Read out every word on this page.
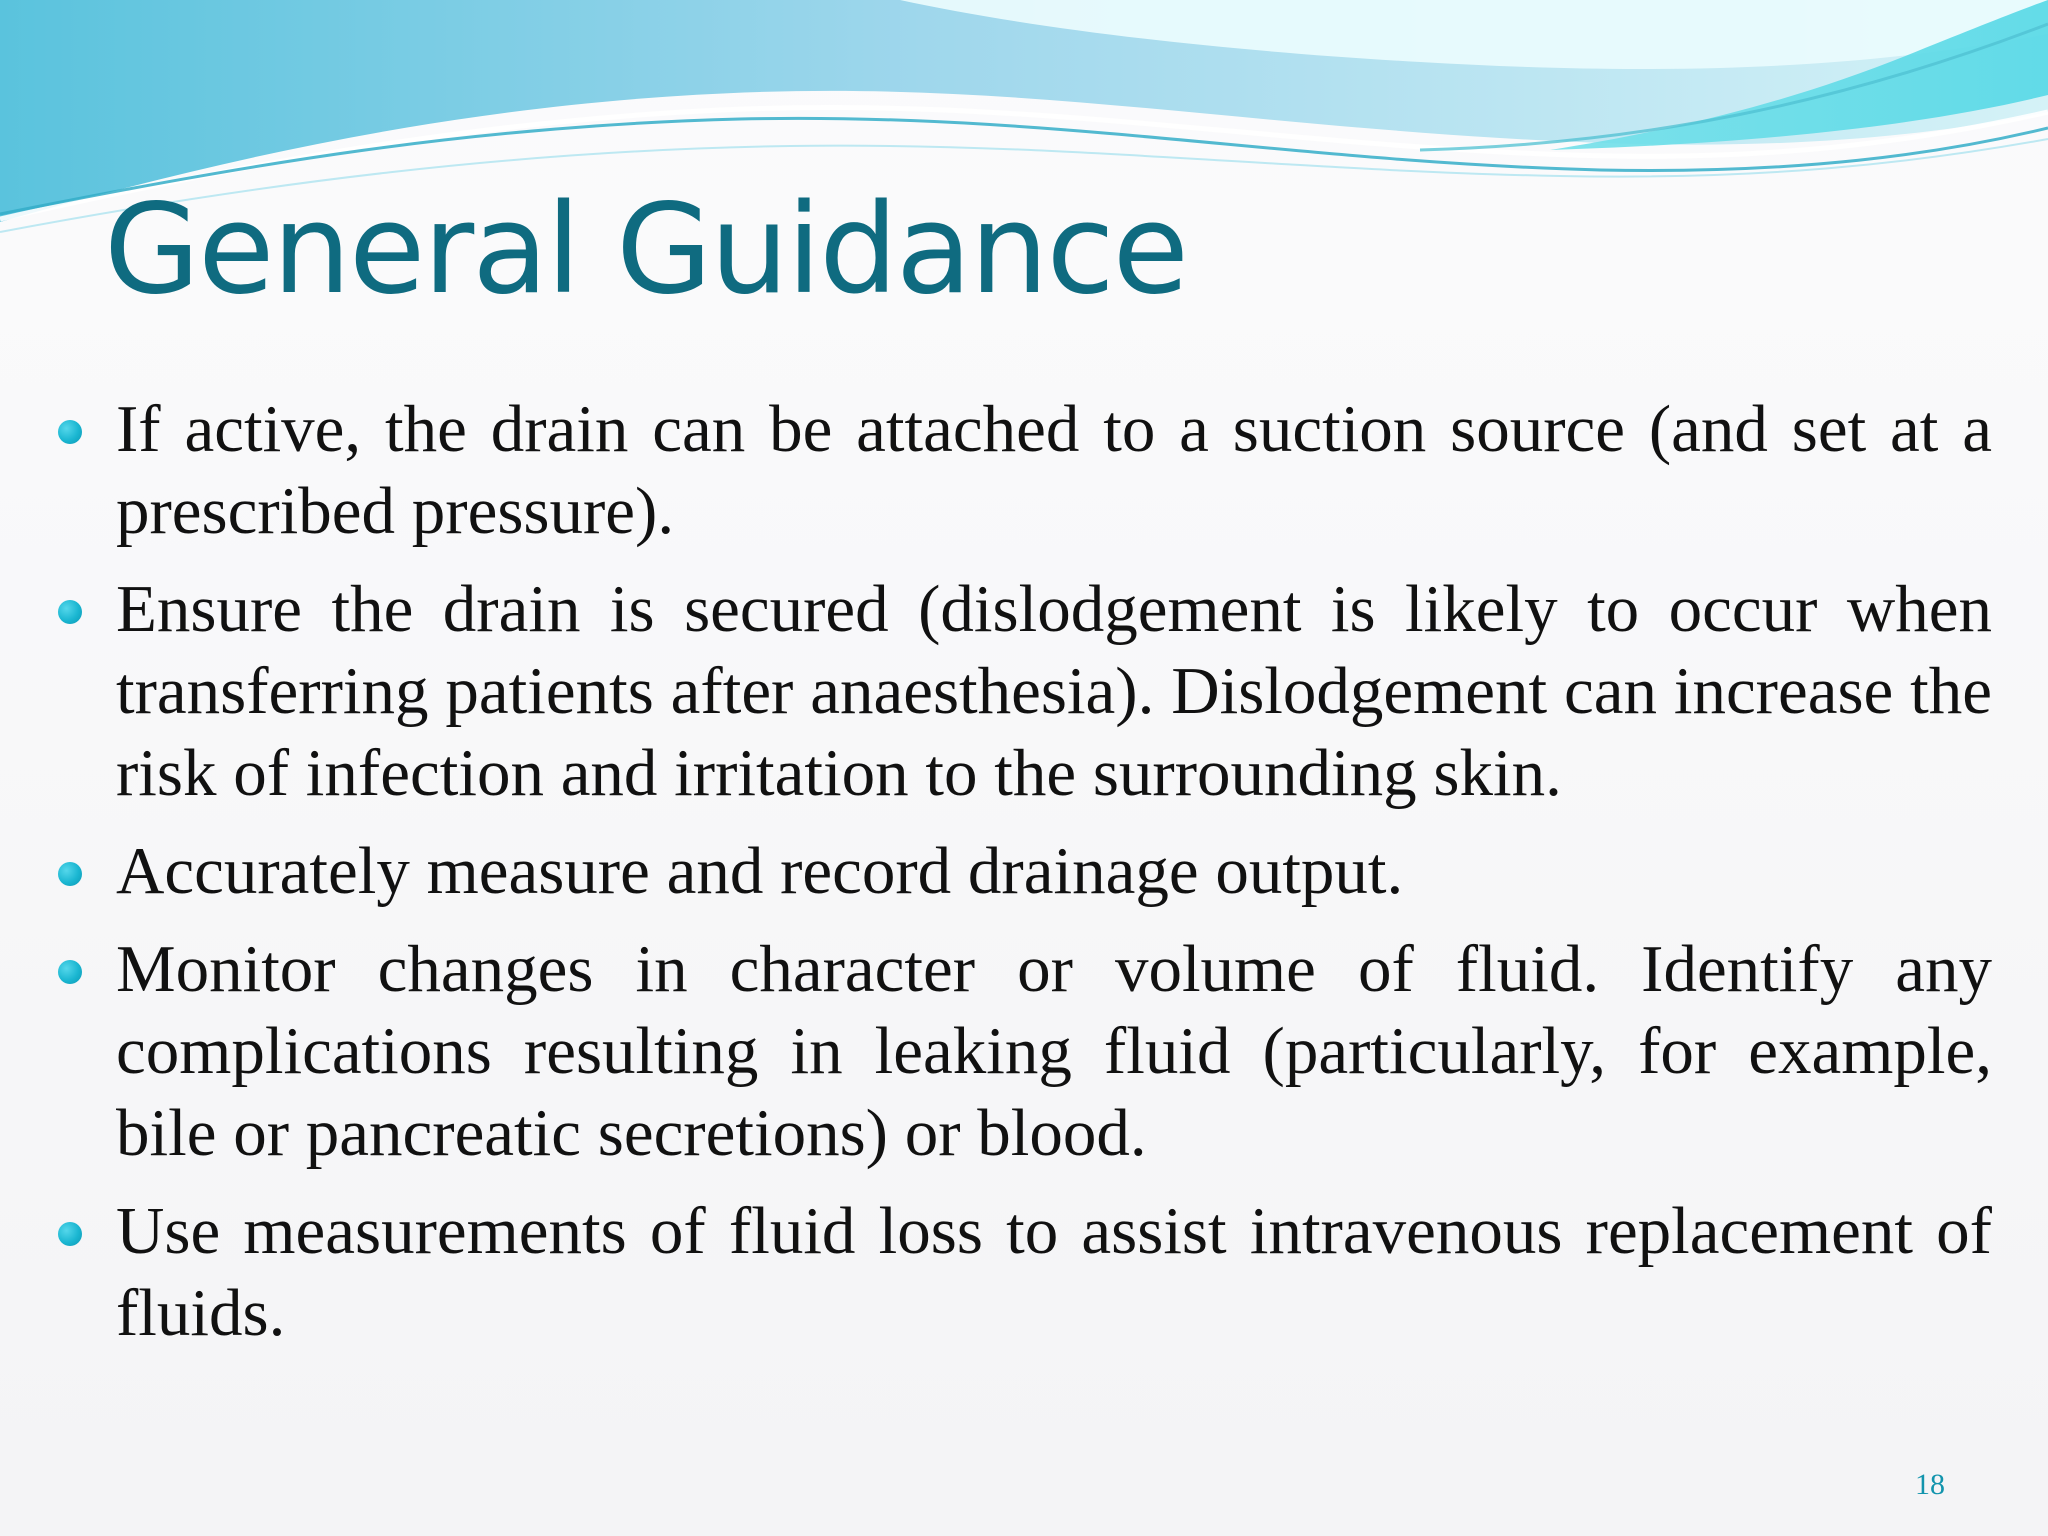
General Guidance
If active, the drain can be attached to a suction source (and set at a prescribed pressure).
Ensure the drain is secured (dislodgement is likely to occur when transferring patients after anaesthesia). Dislodgement can increase the risk of infection and irritation to the surrounding skin.
Accurately measure and record drainage output.
Monitor changes in character or volume of fluid. Identify any complications resulting in leaking fluid (particularly, for example, bile or pancreatic secretions) or blood.
Use measurements of fluid loss to assist intravenous replacement of fluids.

18
